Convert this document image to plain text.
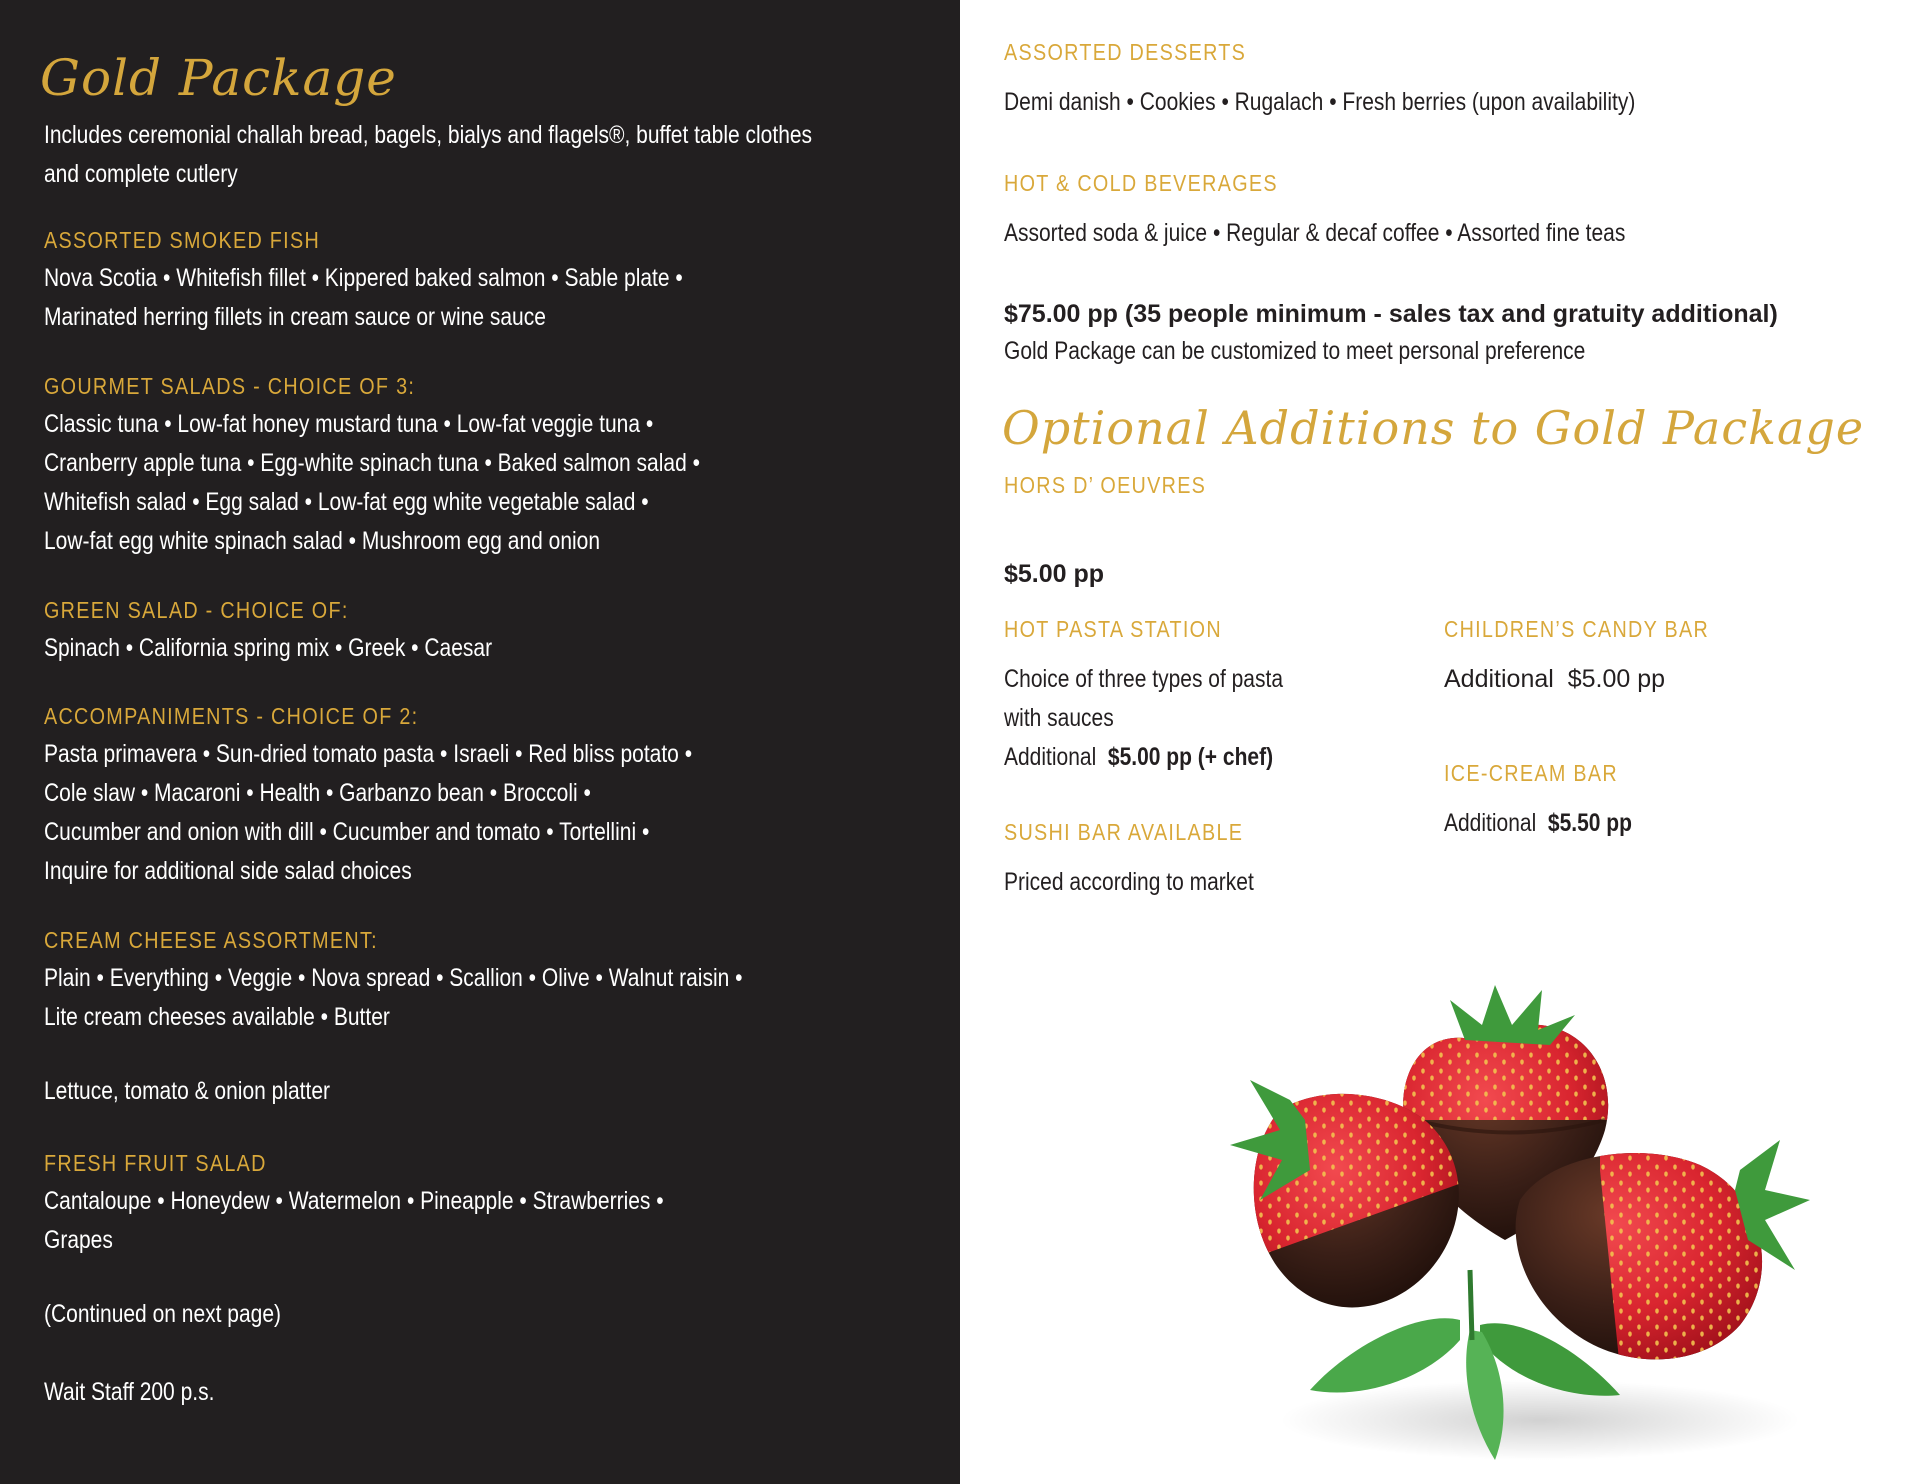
Gold Package
Includes ceremonial challah bread, bagels, bialys and flagels®, buffet table clothes
and complete cutlery
ASSORTED SMOKED FISH
Nova Scotia • Whitefish fillet • Kippered baked salmon • Sable plate •
Marinated herring fillets in cream sauce or wine sauce
GOURMET SALADS - CHOICE OF 3:
Classic tuna • Low-fat honey mustard tuna • Low-fat veggie tuna •
Cranberry apple tuna • Egg-white spinach tuna • Baked salmon salad •
Whitefish salad • Egg salad • Low-fat egg white vegetable salad •
Low-fat egg white spinach salad • Mushroom egg and onion
GREEN SALAD - CHOICE OF:
Spinach • California spring mix • Greek • Caesar
ACCOMPANIMENTS - CHOICE OF 2:
Pasta primavera • Sun-dried tomato pasta • Israeli • Red bliss potato •
Cole slaw • Macaroni • Health • Garbanzo bean • Broccoli •
Cucumber and onion with dill • Cucumber and tomato • Tortellini •
Inquire for additional side salad choices
CREAM CHEESE ASSORTMENT:
Plain • Everything • Veggie • Nova spread • Scallion • Olive • Walnut raisin •
Lite cream cheeses available • Butter
Lettuce, tomato & onion platter
FRESH FRUIT SALAD
Cantaloupe • Honeydew • Watermelon • Pineapple • Strawberries •
Grapes
(Continued on next page)
Wait Staff 200 p.s.
ASSORTED DESSERTS
Demi danish • Cookies • Rugalach • Fresh berries (upon availability)
HOT & COLD BEVERAGES
Assorted soda & juice • Regular & decaf coffee • Assorted fine teas
$75.00 pp (35 people minimum - sales tax and gratuity additional)
Gold Package can be customized to meet personal preference
Optional Additions to Gold Package
HORS D’ OEUVRES
$5.00 pp
HOT PASTA STATION
Choice of three types of pasta
with sauces
Additional $5.00 pp (+ chef)
SUSHI BAR AVAILABLE
Priced according to market
CHILDREN’S CANDY BAR
Additional $5.00 pp
ICE-CREAM BAR
Additional $5.50 pp
